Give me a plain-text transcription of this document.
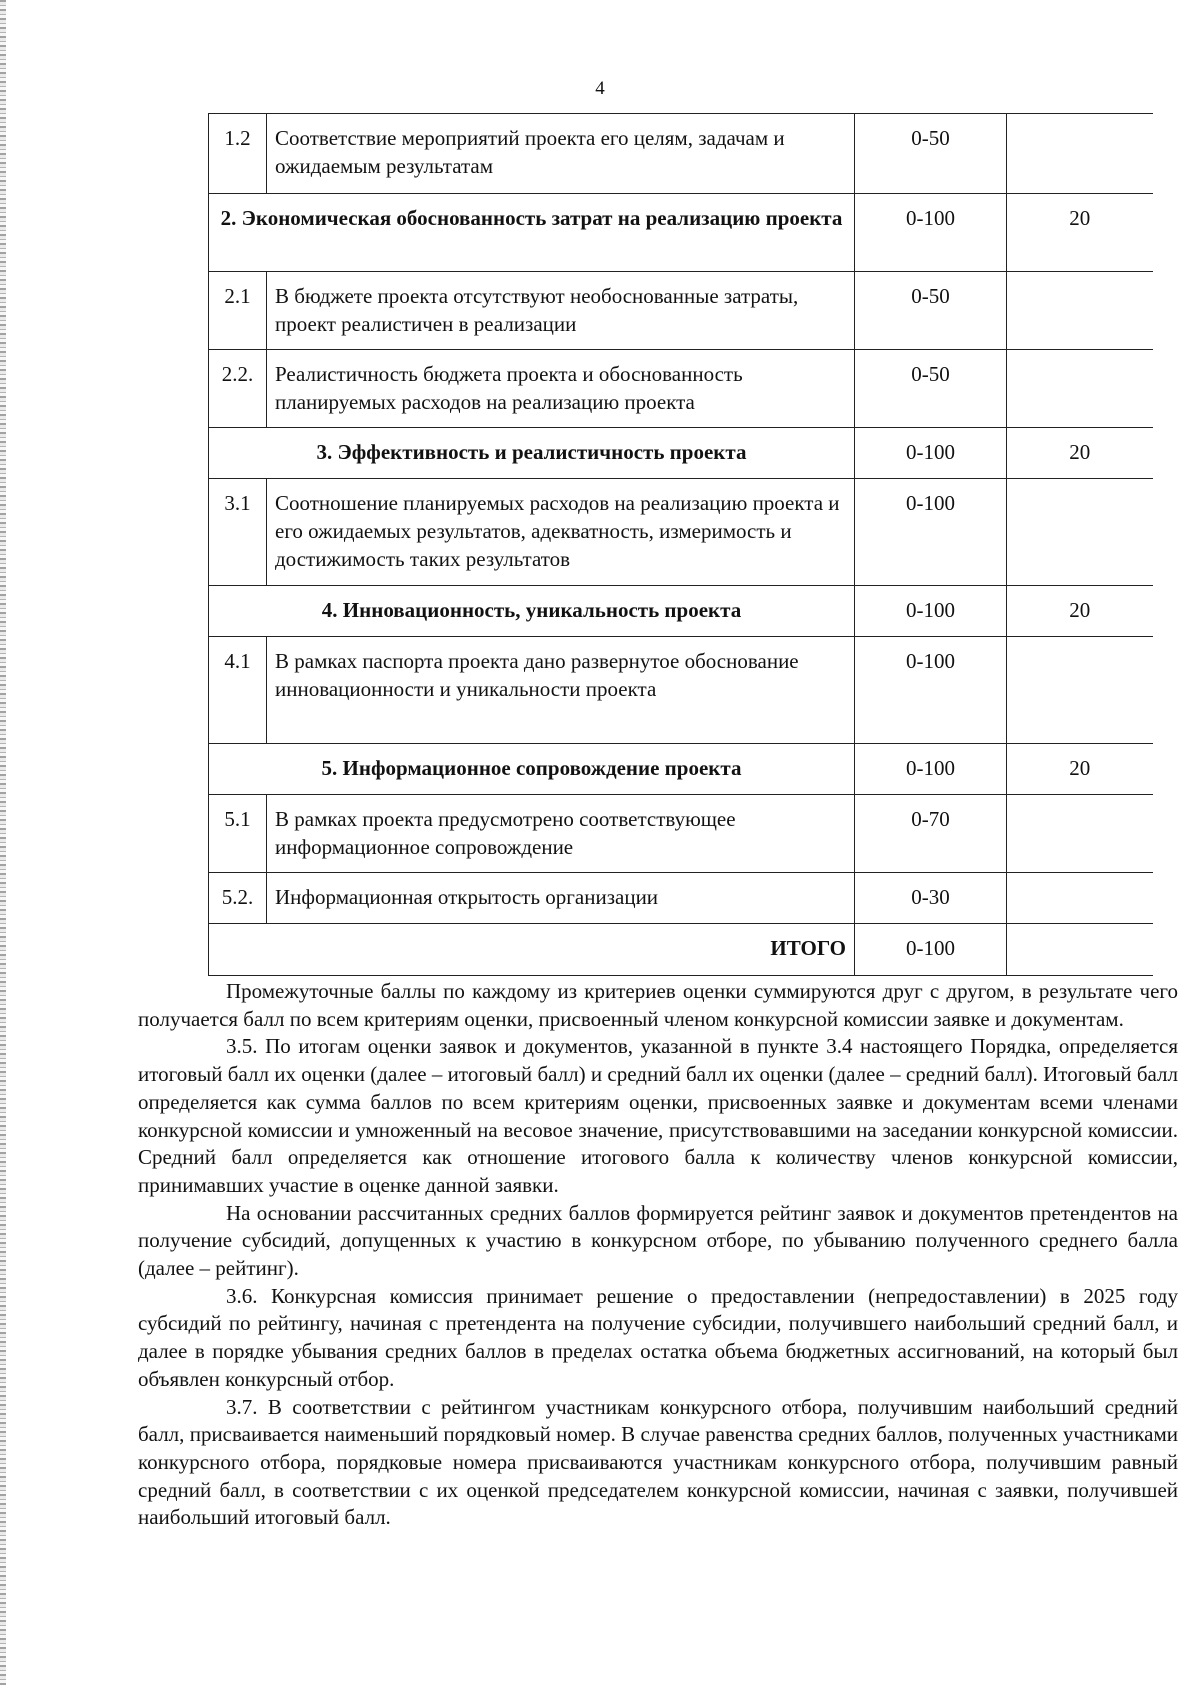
4
1.2	Соответствие мероприятий проекта его целям, задачам и ожидаемым результатам	0-50	
2. Экономическая обоснованность затрат на реализацию проекта		0-100	20
2.1	В бюджете проекта отсутствуют необоснованные затраты, проект реалистичен в реализации	0-50	
2.2.	Реалистичность бюджета проекта и обоснованность планируемых расходов на реализацию проекта	0-50	
3. Эффективность и реалистичность проекта		0-100	20
3.1	Соотношение планируемых расходов на реализацию проекта и его ожидаемых результатов, адекватность, измеримость и достижимость таких результатов	0-100	
4. Инновационность, уникальность проекта		0-100	20
4.1	В рамках паспорта проекта дано развернутое обоснование инновационности и уникальности проекта	0-100	
5. Информационное сопровождение проекта		0-100	20
5.1	В рамках проекта предусмотрено соответствующее информационное сопровождение	0-70	
5.2.	Информационная открытость организации	0-30	
ИТОГО		0-100	

Промежуточные баллы по каждому из критериев оценки суммируются друг с другом, в результате чего получается балл по всем критериям оценки, присвоенный членом конкурсной комиссии заявке и документам.

3.5. По итогам оценки заявок и документов, указанной в пункте 3.4 настоящего Порядка, определяется итоговый балл их оценки (далее – итоговый балл) и средний балл их оценки (далее – средний балл). Итоговый балл определяется как сумма баллов по всем критериям оценки, присвоенных заявке и документам всеми членами конкурсной комиссии и умноженный на весовое значение, присутствовавшими на заседании конкурсной комиссии. Средний балл определяется как отношение итогового балла к количеству членов конкурсной комиссии, принимавших участие в оценке данной заявки.

На основании рассчитанных средних баллов формируется рейтинг заявок и документов претендентов на получение субсидий, допущенных к участию в конкурсном отборе, по убыванию полученного среднего балла (далее – рейтинг).

3.6. Конкурсная комиссия принимает решение о предоставлении (непредоставлении) в 2025 году субсидий по рейтингу, начиная с претендента на получение субсидии, получившего наибольший средний балл, и далее в порядке убывания средних баллов в пределах остатка объема бюджетных ассигнований, на который был объявлен конкурсный отбор.

3.7. В соответствии с рейтингом участникам конкурсного отбора, получившим наибольший средний балл, присваивается наименьший порядковый номер. В случае равенства средних баллов, полученных участниками конкурсного отбора, порядковые номера присваиваются участникам конкурсного отбора, получившим равный средний балл, в соответствии с их оценкой председателем конкурсной комиссии, начиная с заявки, получившей наибольший итоговый балл.
